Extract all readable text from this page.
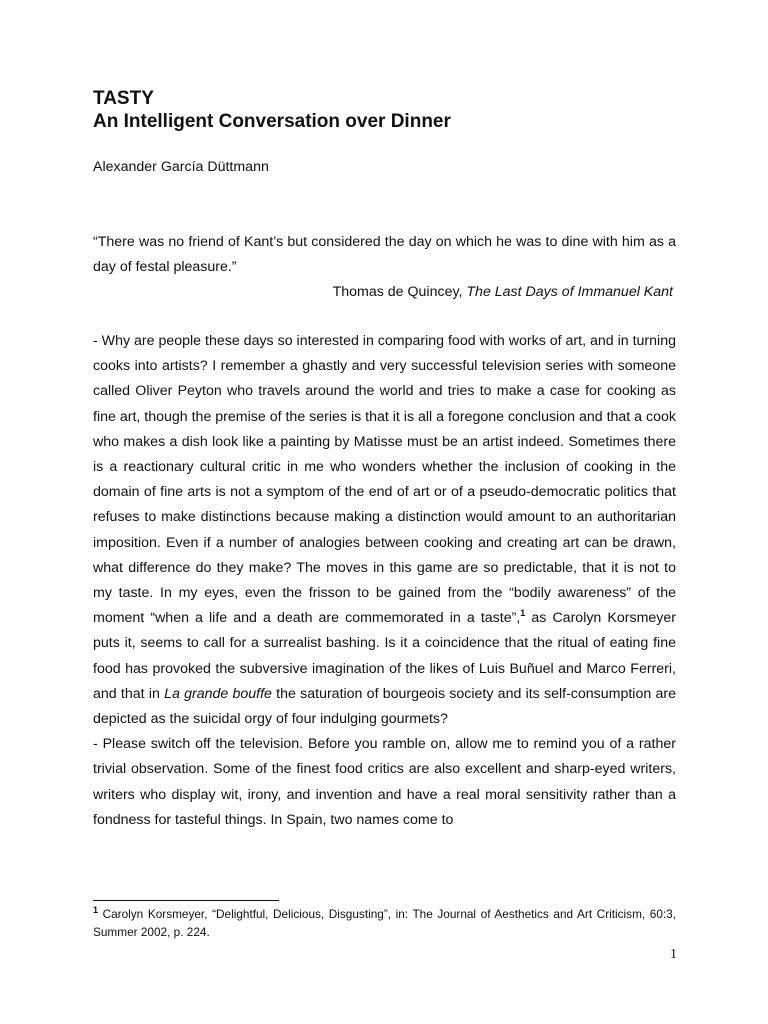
TASTY
An Intelligent Conversation over Dinner
Alexander García Düttmann
“There was no friend of Kant’s but considered the day on which he was to dine with him as a day of festal pleasure.”
Thomas de Quincey, The Last Days of Immanuel Kant

- Why are people these days so interested in comparing food with works of art, and in turning cooks into artists? I remember a ghastly and very successful television series with someone called Oliver Peyton who travels around the world and tries to make a case for cooking as fine art, though the premise of the series is that it is all a foregone conclusion and that a cook who makes a dish look like a painting by Matisse must be an artist indeed. Sometimes there is a reactionary cultural critic in me who wonders whether the inclusion of cooking in the domain of fine arts is not a symptom of the end of art or of a pseudo-democratic politics that refuses to make distinctions because making a distinction would amount to an authoritarian imposition. Even if a number of analogies between cooking and creating art can be drawn, what difference do they make? The moves in this game are so predictable, that it is not to my taste. In my eyes, even the frisson to be gained from the “bodily awareness” of the moment “when a life and a death are commemorated in a taste”,$^1$ as Carolyn Korsmeyer puts it, seems to call for a surrealist bashing. Is it a coincidence that the ritual of eating fine food has provoked the subversive imagination of the likes of Luis Buñuel and Marco Ferreri, and that in La grande bouffe the saturation of bourgeois society and its self-consumption are depicted as the suicidal orgy of four indulging gourmets?

- Please switch off the television. Before you ramble on, allow me to remind you of a rather trivial observation. Some of the finest food critics are also excellent and sharp-eyed writers, writers who display wit, irony, and invention and have a real moral sensitivity rather than a fondness for tasteful things. In Spain, two names come to

$^1$ Carolyn Korsmeyer, “Delightful, Delicious, Disgusting”, in: The Journal of Aesthetics and Art Criticism, 60:3, Summer 2002, p. 224.
1
